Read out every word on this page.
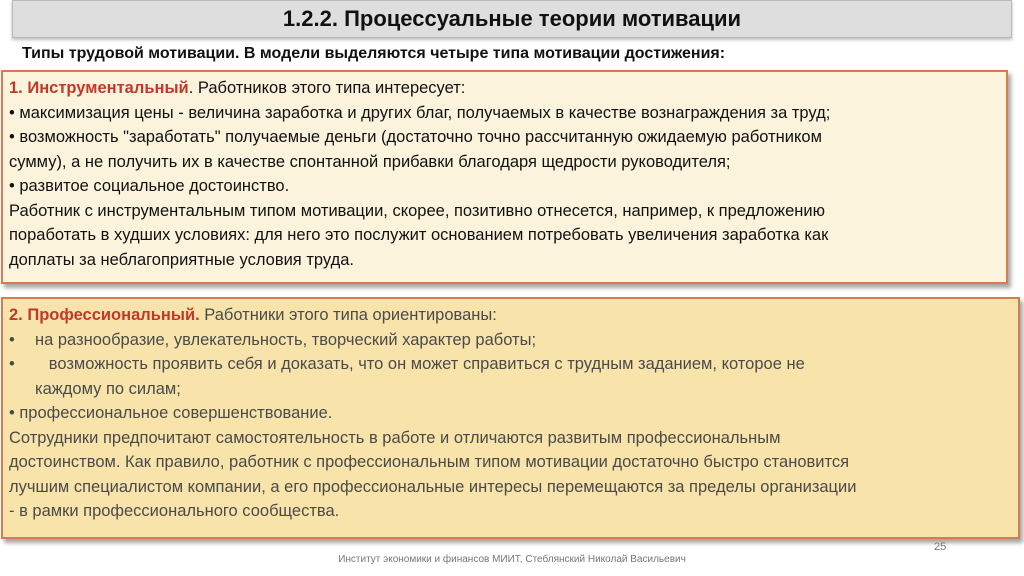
1.2.2. Процессуальные теории мотивации
Типы трудовой мотивации. В модели выделяются четыре типа мотивации достижения:

1. Инструментальный. Работников этого типа интересует:

• максимизация цены - величина заработка и других благ, получаемых в качестве вознаграждения за труд;

• возможность "заработать" получаемые деньги (достаточно точно рассчитанную ожидаемую работником

сумму), а не получить их в качестве спонтанной прибавки благодаря щедрости руководителя;

• развитое социальное достоинство.

Работник с инструментальным типом мотивации, скорее, позитивно отнесется, например, к предложению

поработать в худших условиях: для него это послужит основанием потребовать увеличения заработка как

доплаты за неблагоприятные условия труда.

2. Профессиональный. Работники этого типа ориентированы:

• на разнообразие, увлекательность, творческий характер работы;

•   возможность проявить себя и доказать, что он может справиться с трудным заданием, которое не

каждому по силам;

• профессиональное совершенствование.

Сотрудники предпочитают самостоятельность в работе и отличаются развитым профессиональным

достоинством. Как правило, работник с профессиональным типом мотивации достаточно быстро становится

лучшим специалистом компании, а его профессиональные интересы перемещаются за пределы организации

- в рамки профессионального сообщества.

25
Институт экономики и финансов МИИТ, Стеблянский Николай Васильевич
